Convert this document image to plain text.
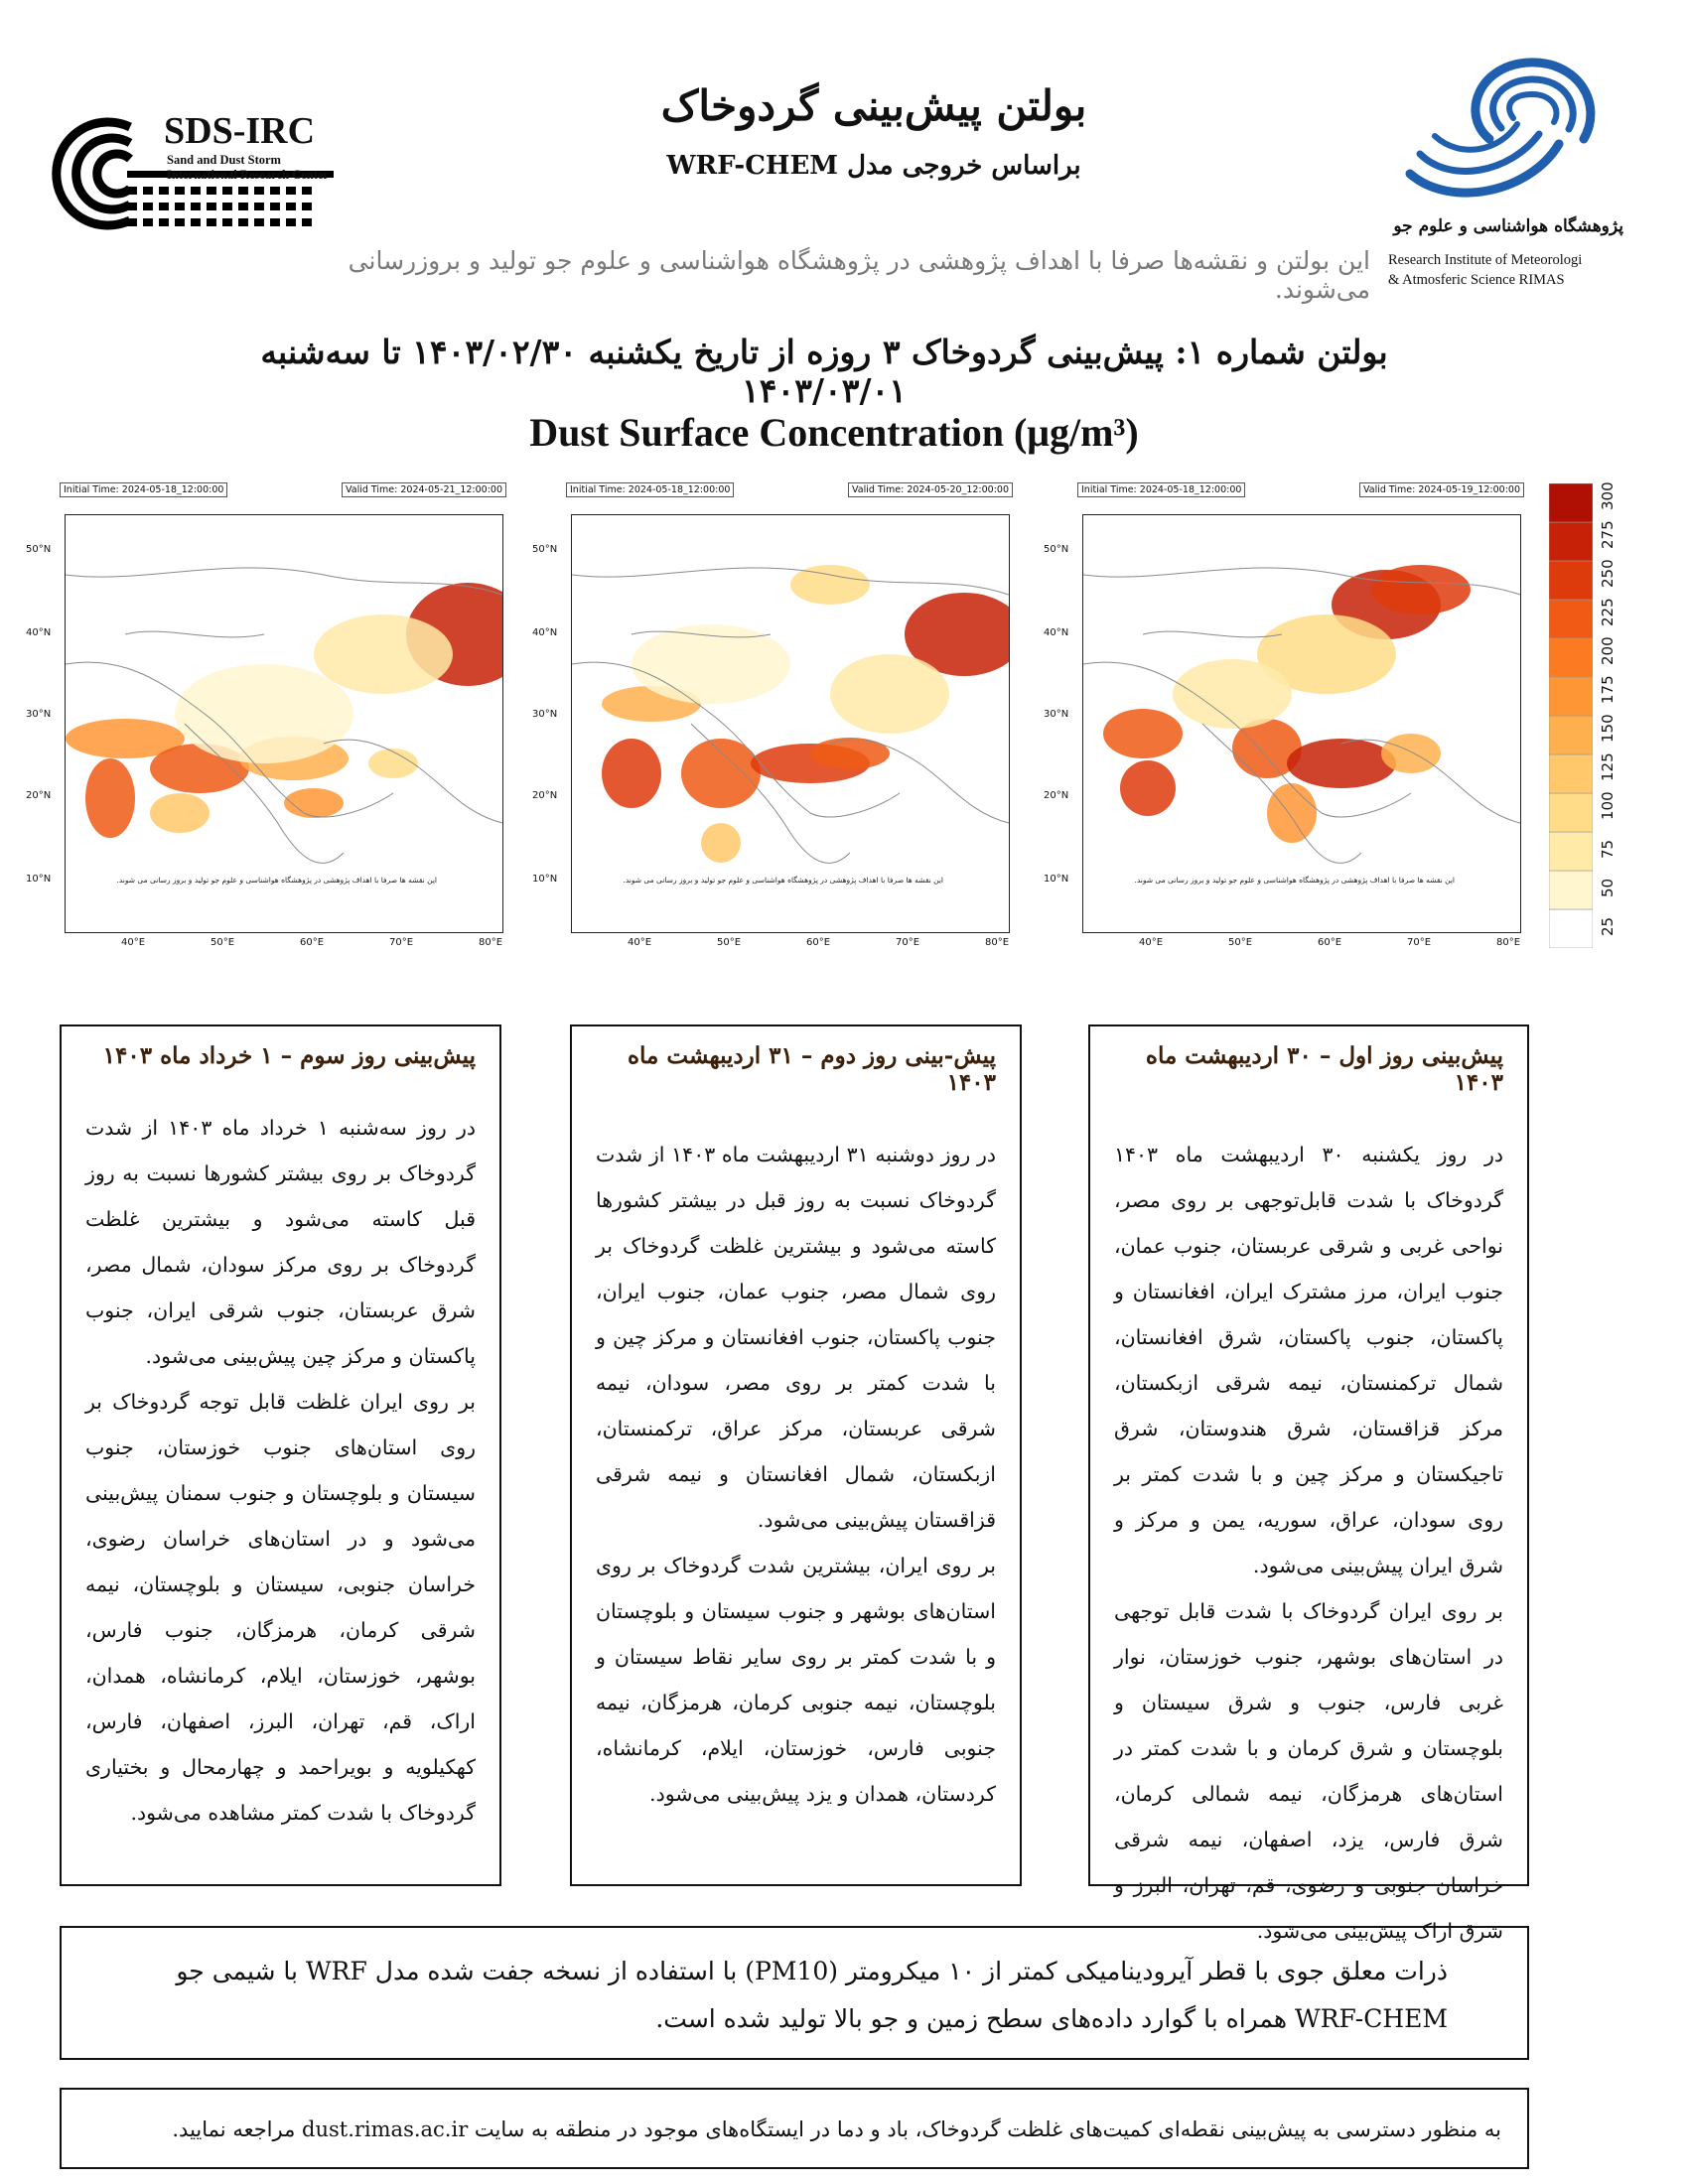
بولتن پیش‌بینی گردوخاک
براساس خروجی مدل WRF-CHEM
SDS-IRC
Sand and Dust Storm
International Research Center
پژوهشگاه هواشناسی و علوم جو
Research Institute of Meteorologi
& Atmosferic Science RIMAS
این بولتن و نقشه‌ها صرفا با اهداف پژوهشی در پژوهشگاه هواشناسی و علوم جو تولید و بروزرسانی می‌شوند.
بولتن شماره ۱: پیش‌بینی گردوخاک ۳ روزه از تاریخ یکشنبه ۱۴۰۳/۰۲/۳۰ تا سه‌شنبه ۱۴۰۳/۰۳/۰۱
Dust Surface Concentration (μg/m³)
Initial Time: 2024-05-18_12:00:00	Valid Time: 2024-05-21_12:00:00
50°N
40°N
30°N
20°N
10°N
40°E	50°E	60°E	70°E	80°E
این نقشه ها صرفا با اهداف پژوهشی در پژوهشگاه هواشناسی و علوم جو تولید و بروز رسانی می شوند.
Initial Time: 2024-05-18_12:00:00	Valid Time: 2024-05-20_12:00:00
50°N
40°N
30°N
20°N
10°N
40°E	50°E	60°E	70°E	80°E
این نقشه ها صرفا با اهداف پژوهشی در پژوهشگاه هواشناسی و علوم جو تولید و بروز رسانی می شوند.
Initial Time: 2024-05-18_12:00:00	Valid Time: 2024-05-19_12:00:00
50°N
40°N
30°N
20°N
10°N
40°E	50°E	60°E	70°E	80°E
این نقشه ها صرفا با اهداف پژوهشی در پژوهشگاه هواشناسی و علوم جو تولید و بروز رسانی می شوند.
25
50
75
100
125
150
175
200
225
250
275
300
پیش‌بینی روز سوم – ۱ خرداد ماه ۱۴۰۳

در روز سه‌شنبه ۱ خرداد ماه ۱۴۰۳ از شدت گردوخاک بر روی بیشتر کشورها نسبت به روز قبل کاسته می‌شود و بیشترین غلظت گردوخاک بر روی مرکز سودان، شمال مصر، شرق عربستان، جنوب شرقی ایران، جنوب پاکستان و مرکز چین پیش‌بینی می‌شود.

بر روی ایران غلظت قابل توجه گردوخاک بر روی استان‌های جنوب خوزستان، جنوب سیستان و بلوچستان و جنوب سمنان پیش‌بینی می‌شود و در استان‌های خراسان رضوی، خراسان جنوبی، سیستان و بلوچستان، نیمه شرقی کرمان، هرمزگان، جنوب فارس، بوشهر، خوزستان، ایلام، کرمانشاه، همدان، اراک، قم، تهران، البرز، اصفهان، فارس، کهکیلویه و بویراحمد و چهارمحال و بختیاری گردوخاک با شدت کمتر مشاهده می‌شود.

پیش-بینی روز دوم – ۳۱ اردیبهشت ماه ۱۴۰۳

در روز دوشنبه ۳۱ اردیبهشت ماه ۱۴۰۳ از شدت گردوخاک نسبت به روز قبل در بیشتر کشورها کاسته می‌شود و بیشترین غلظت گردوخاک بر روی شمال مصر، جنوب عمان، جنوب ایران، جنوب پاکستان، جنوب افغانستان و مرکز چین و با شدت کمتر بر روی مصر، سودان، نیمه شرقی عربستان، مرکز عراق، ترکمنستان، ازبکستان، شمال افغانستان و نیمه شرقی قزاقستان پیش‌بینی می‌شود.

بر روی ایران، بیشترین شدت گردوخاک بر روی استان‌های بوشهر و جنوب سیستان و بلوچستان و با شدت کمتر بر روی سایر نقاط سیستان و بلوچستان، نیمه جنوبی کرمان، هرمزگان، نیمه جنوبی فارس، خوزستان، ایلام، کرمانشاه، کردستان، همدان و یزد پیش‌بینی می‌شود.

پیش‌بینی روز اول – ۳۰ اردیبهشت ماه ۱۴۰۳

در روز یکشنبه ۳۰ اردیبهشت ماه ۱۴۰۳ گردوخاک با شدت قابل‌توجهی بر روی مصر، نواحی غربی و شرقی عربستان، جنوب عمان، جنوب ایران، مرز مشترک ایران، افغانستان و پاکستان، جنوب پاکستان، شرق افغانستان، شمال ترکمنستان، نیمه شرقی ازبکستان، مرکز قزاقستان، شرق هندوستان، شرق تاجیکستان و مرکز چین و با شدت کمتر بر روی سودان، عراق، سوریه، یمن و مرکز و شرق ایران پیش‌بینی می‌شود.

بر روی ایران گردوخاک با شدت قابل توجهی در استان‌های بوشهر، جنوب خوزستان، نوار غربی فارس، جنوب و شرق سیستان و بلوچستان و شرق کرمان و با شدت کمتر در استان‌های هرمزگان، نیمه شمالی کرمان، شرق فارس، یزد، اصفهان، نیمه شرقی خراسان جنوبی و رضوی، قم، تهران، البرز و شرق اراک پیش‌بینی می‌شود.

ذرات معلق جوی با قطر آیرودینامیکی کمتر از ۱۰ میکرومتر (PM10) با استفاده از نسخه جفت شده مدل WRF با شیمی جو WRF-CHEM همراه با گوارد داده‌های سطح زمین و جو بالا تولید شده است.
به منظور دسترسی به پیش‌بینی نقطه‌ای کمیت‌های غلظت گردوخاک، باد و دما در ایستگاه‌های موجود در منطقه به سایت dust.rimas.ac.ir مراجعه نمایید.
